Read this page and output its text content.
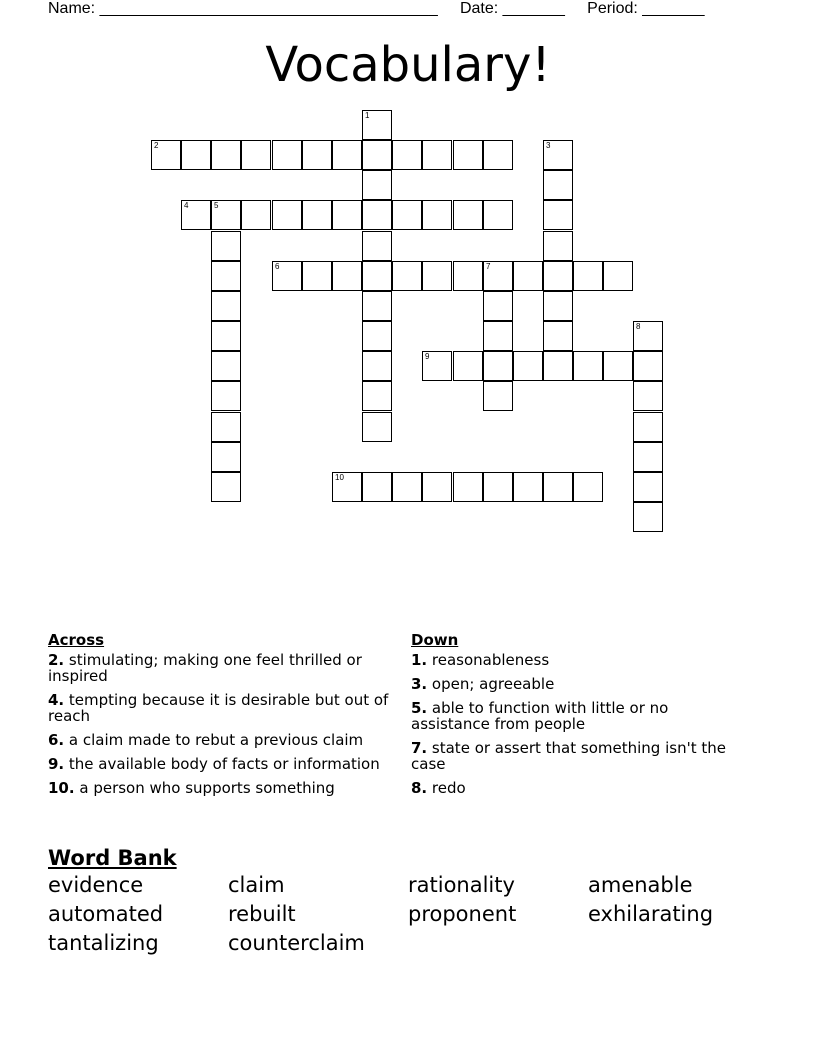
Name: ______________________________________     Date: _______     Period: _______
Vocabulary!
1
2	3
4	5
6	7
8
9
10
Across
2. stimulating; making one feel thrilled or inspired
4. tempting because it is desirable but out of reach
6. a claim made to rebut a previous claim
9. the available body of facts or information
10. a person who supports something
Down
1. reasonableness
3. open; agreeable
5. able to function with little or no assistance from people
7. state or assert that something isn't the case
8. redo
Word Bank
evidence	claim	rationality	amenable
automated	rebuilt	proponent	exhilarating
tantalizing	counterclaim
